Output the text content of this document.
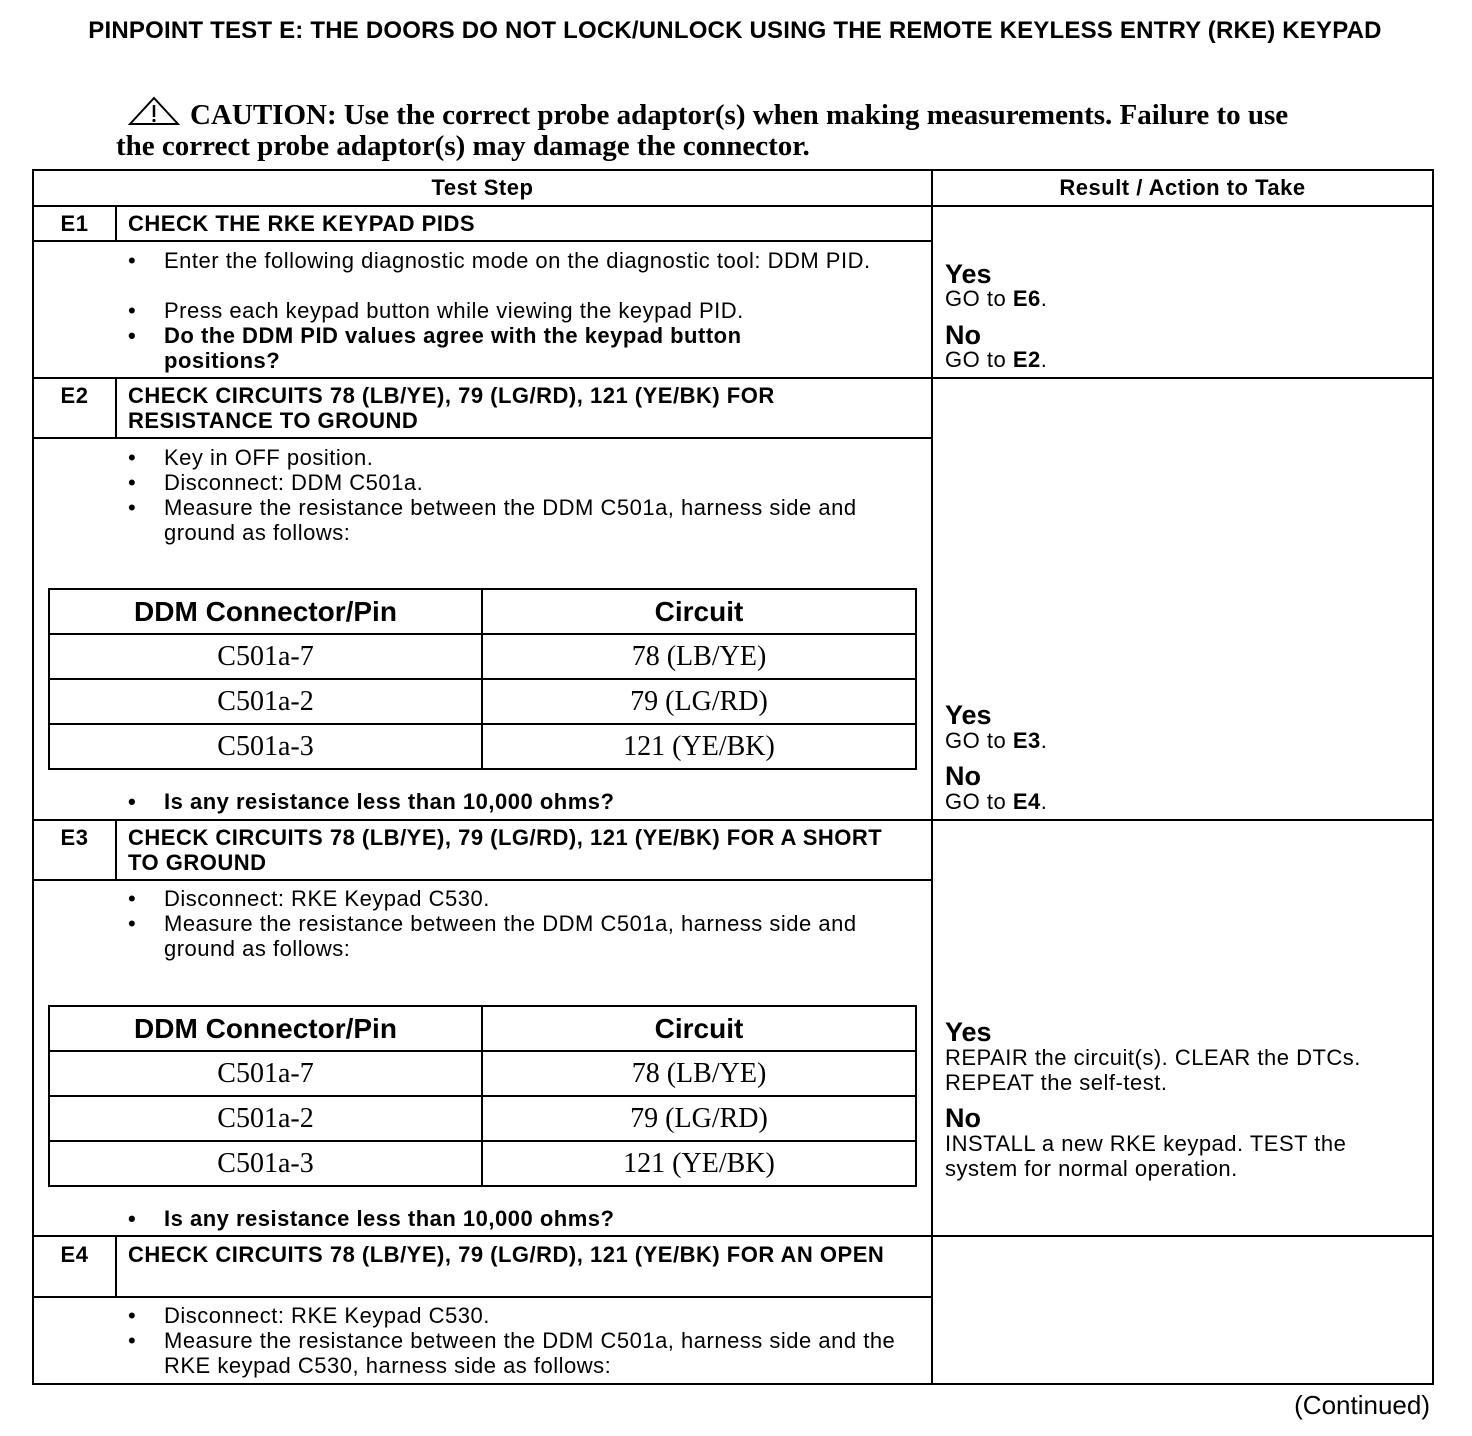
PINPOINT TEST E: THE DOORS DO NOT LOCK/UNLOCK USING THE REMOTE KEYLESS ENTRY (RKE) KEYPAD
CAUTION: Use the correct probe adaptor(s) when making measurements. Failure to use the correct probe adaptor(s) may damage the connector.
Test Step	Result / Action to Take
E1	CHECK THE RKE KEYPAD PIDS
• Enter the following diagnostic mode on the diagnostic tool: DDM PID.
• Press each keypad button while viewing the keypad PID.
• Do the DDM PID values agree with the keypad button positions?
Yes
GO to E6.
No
GO to E2.
E2	CHECK CIRCUITS 78 (LB/YE), 79 (LG/RD), 121 (YE/BK) FOR RESISTANCE TO GROUND
• Key in OFF position.
• Disconnect: DDM C501a.
• Measure the resistance between the DDM C501a, harness side and ground as follows:
DDM Connector/Pin	Circuit
C501a-7	78 (LB/YE)
C501a-2	79 (LG/RD)
C501a-3	121 (YE/BK)
• Is any resistance less than 10,000 ohms?
Yes
GO to E3.
No
GO to E4.
E3	CHECK CIRCUITS 78 (LB/YE), 79 (LG/RD), 121 (YE/BK) FOR A SHORT TO GROUND
• Disconnect: RKE Keypad C530.
• Measure the resistance between the DDM C501a, harness side and ground as follows:
DDM Connector/Pin	Circuit
C501a-7	78 (LB/YE)
C501a-2	79 (LG/RD)
C501a-3	121 (YE/BK)
• Is any resistance less than 10,000 ohms?
Yes
REPAIR the circuit(s). CLEAR the DTCs. REPEAT the self-test.
No
INSTALL a new RKE keypad. TEST the system for normal operation.
E4	CHECK CIRCUITS 78 (LB/YE), 79 (LG/RD), 121 (YE/BK) FOR AN OPEN
• Disconnect: RKE Keypad C530.
• Measure the resistance between the DDM C501a, harness side and the RKE keypad C530, harness side as follows:
(Continued)
